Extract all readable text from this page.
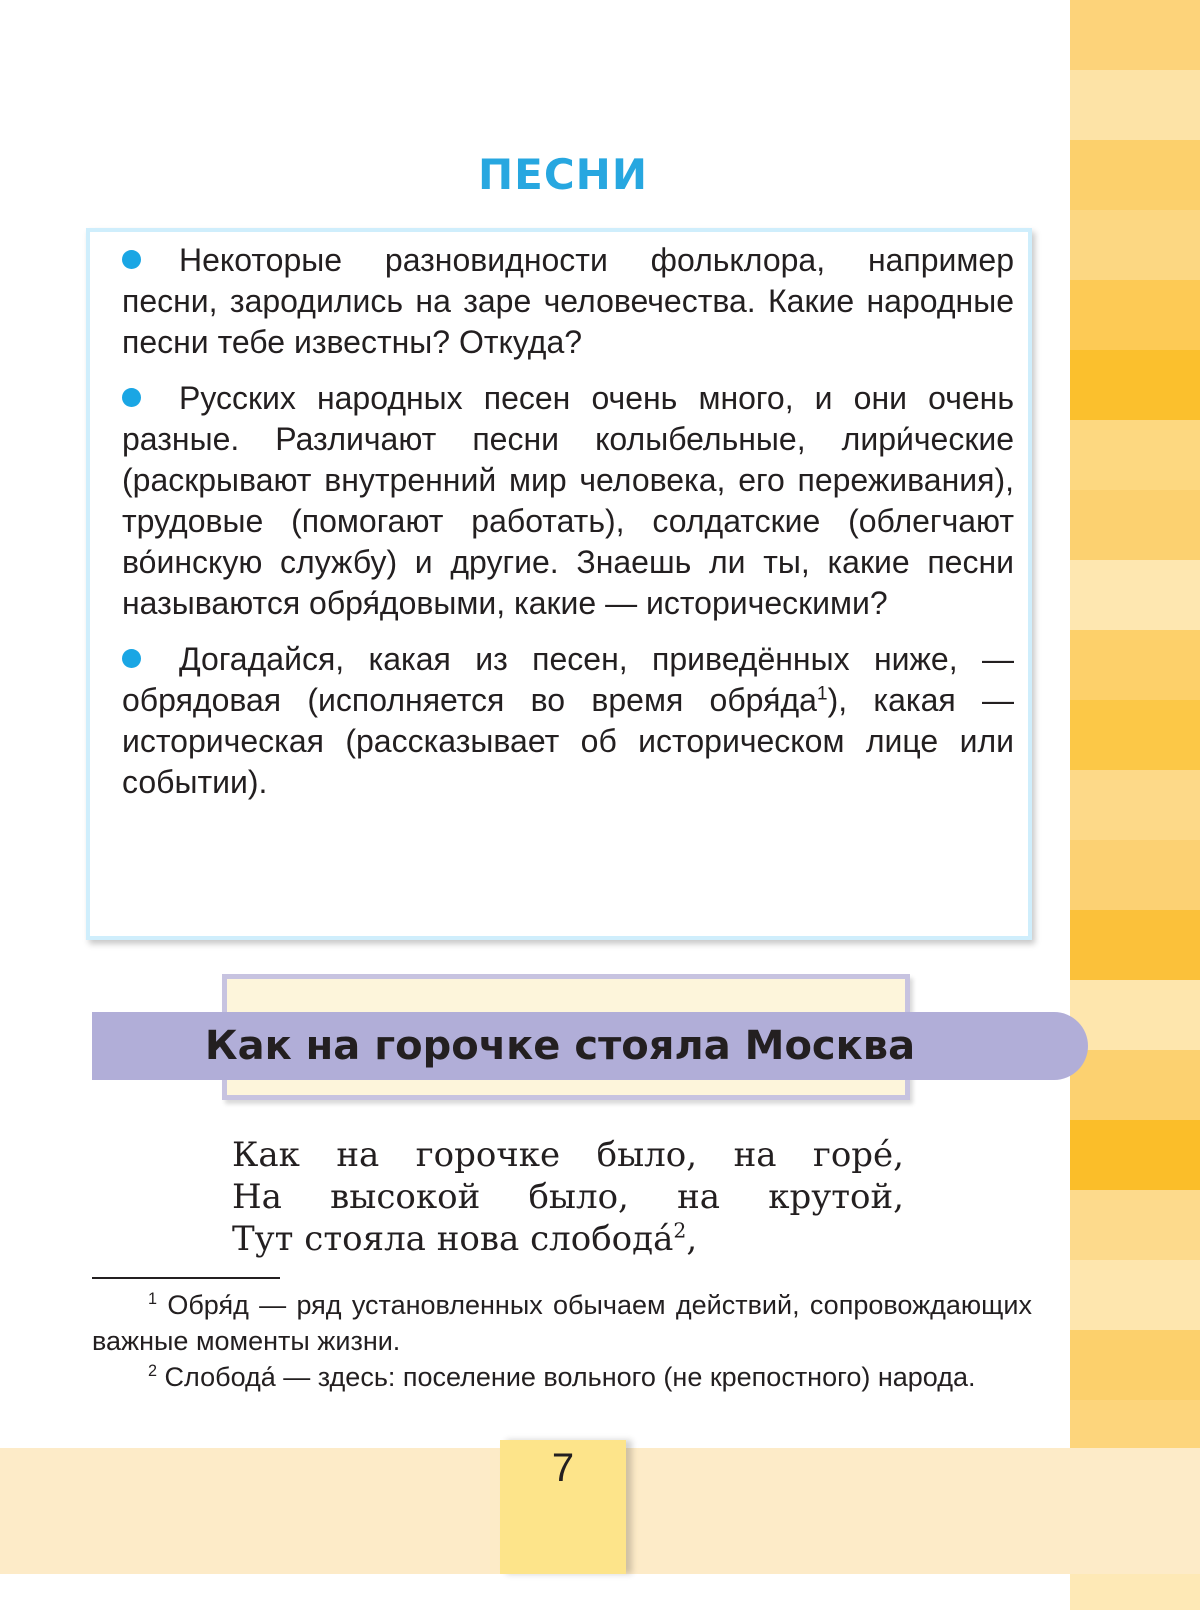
7
ПЕСНИ

Некоторые разновидности фольклора, например песни, зародились на заре человечества. Какие народные песни тебе известны? Откуда?

Русских народных песен очень много, и они очень разные. Различают песни колыбельные, лири́ческие (раскрывают внутренний мир человека, его переживания), трудовые (помогают работать), солдатские (облегчают во́инскую службу) и другие. Знаешь ли ты, какие песни называются обря́довыми, какие — историческими?

Догадайся, какая из песен, приведённых ниже, — обрядовая (исполняется во время $обря́да^1$), какая — историческая (рассказывает об историческом лице или событии).

Как на горочке стояла Москва
Как на горочке было, на горе́,
На высокой было, на крутой,
Тут стояла нова слобода́$^2$,

$^1$ Обря́д — ряд установленных обычаем действий, сопровождающих важные моменты жизни.

$^2$ Слобода́ — здесь: поселение вольного (не крепостного) народа.
